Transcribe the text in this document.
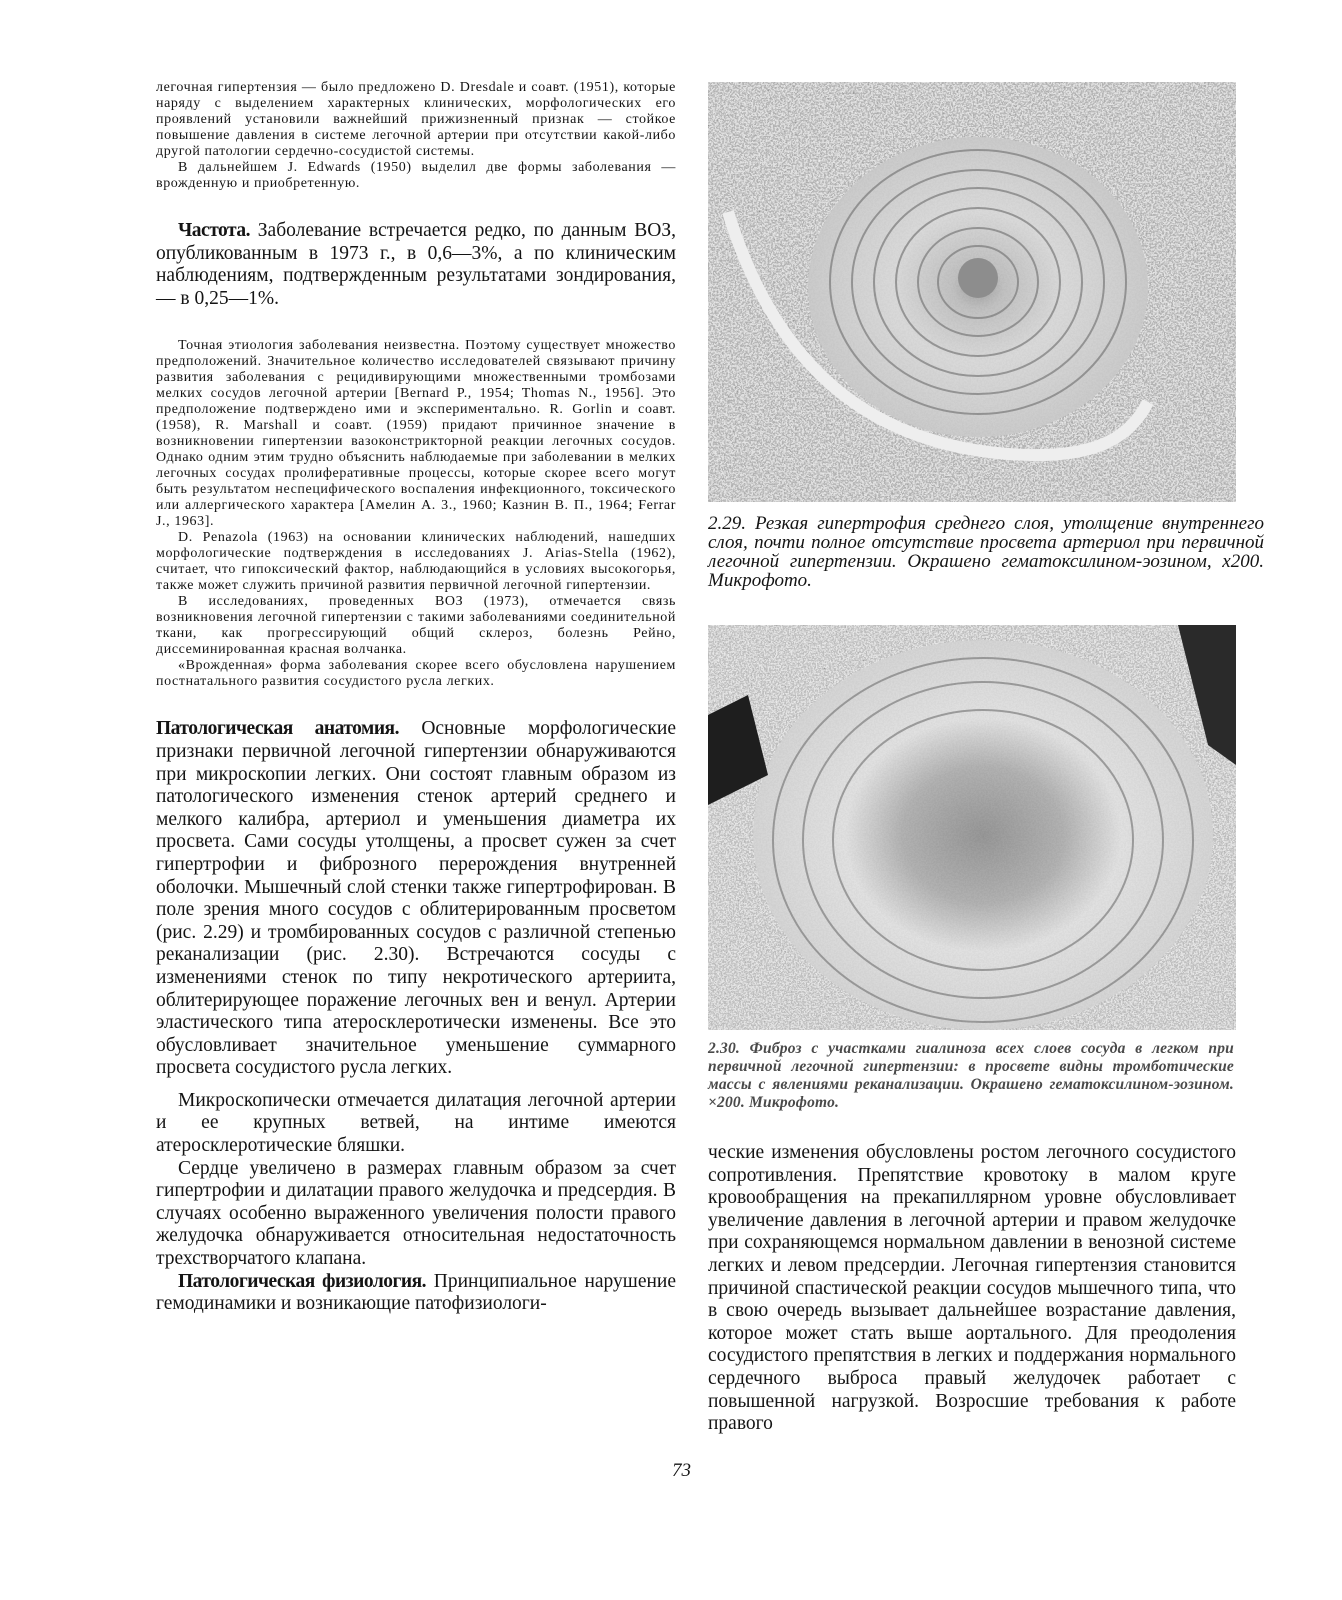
легочная гипертензия — было предложено D. Dresdale и соавт. (1951), которые наряду с выделением характерных клинических, морфологических его проявлений установили важнейший прижизненный признак — стойкое повышение давления в системе легочной артерии при отсутствии какой-либо другой патологии сердечно-сосудистой системы.

В дальнейшем J. Edwards (1950) выделил две формы заболевания — врожденную и приобретенную.

Частота. Заболевание встречается редко, по данным ВОЗ, опубликованным в 1973 г., в 0,6—3%, а по клиническим наблюдениям, подтвержденным результатами зондирования,— в 0,25—1%.

Точная этиология заболевания неизвестна. Поэтому существует множество предположений. Значительное количество исследователей связывают причину развития заболевания с рецидивирующими множественными тромбозами мелких сосудов легочной артерии [Bernard P., 1954; Thomas N., 1956]. Это предположение подтверждено ими и экспериментально. R. Gorlin и соавт. (1958), R. Marshall и соавт. (1959) придают причинное значение в возникновении гипертензии вазоконстрикторной реакции легочных сосудов. Однако одним этим трудно объяснить наблюдаемые при заболевании в мелких легочных сосудах пролиферативные процессы, которые скорее всего могут быть результатом неспецифического воспаления инфекционного, токсического или аллергического характера [Амелин А. 3., 1960; Казнин В. П., 1964; Ferrar J., 1963].

D. Penazola (1963) на основании клинических наблюдений, нашедших морфологические подтверждения в исследованиях J. Arias-Stella (1962), считает, что гипоксический фактор, наблюдающийся в условиях высокогорья, также может служить причиной развития первичной легочной гипертензии.

В исследованиях, проведенных ВОЗ (1973), отмечается связь возникновения легочной гипертензии с такими заболеваниями соединительной ткани, как прогрессирующий общий склероз, болезнь Рейно, диссеминированная красная волчанка.

«Врожденная» форма заболевания скорее всего обусловлена нарушением постнатального развития сосудистого русла легких.

Патологическая анатомия. Основные морфологические признаки первичной легочной гипертензии обнаруживаются при микроскопии легких. Они состоят главным образом из патологического изменения стенок артерий среднего и мелкого калибра, артериол и уменьшения диаметра их просвета. Сами сосуды утолщены, а просвет сужен за счет гипертрофии и фиброзного перерождения внутренней оболочки. Мышечный слой стенки также гипертрофирован. В поле зрения много сосудов с облитерированным просветом (рис. 2.29) и тромбированных сосудов с различной степенью реканализации (рис. 2.30). Встречаются сосуды с изменениями стенок по типу некротического артериита, облитерирующее поражение легочных вен и венул. Артерии эластического типа атеросклеротически изменены. Все это обусловливает значительное уменьшение суммарного просвета сосудистого русла легких.

Микроскопически отмечается дилатация легочной артерии и ее крупных ветвей, на интиме имеются атеросклеротические бляшки.

Сердце увеличено в размерах главным образом за счет гипертрофии и дилатации правого желудочка и предсердия. В случаях особенно выраженного увеличения полости правого желудочка обнаруживается относительная недостаточность трехстворчатого клапана.

Патологическая физиология. Принципиальное нарушение гемодинамики и возникающие патофизиологи-

2.29. Резкая гипертрофия среднего слоя, утолщение внутреннего слоя, почти полное отсутствие просвета артериол при первичной легочной гипертензии. Окрашено гематоксилином-эозином, х200. Микрофото.

2.30. Фиброз с участками гиалиноза всех слоев сосуда в легком при первичной легочной гипертензии: в просвете видны тромботические массы с явлениями реканализации. Окрашено гематоксилином-эозином. ×200. Микрофото.

ческие изменения обусловлены ростом легочного сосудистого сопротивления. Препятствие кровотоку в малом круге кровообращения на прекапиллярном уровне обусловливает увеличение давления в легочной артерии и правом желудочке при сохраняющемся нормальном давлении в венозной системе легких и левом предсердии. Легочная гипертензия становится причиной спастической реакции сосудов мышечного типа, что в свою очередь вызывает дальнейшее возрастание давления, которое может стать выше аортального. Для преодоления сосудистого препятствия в легких и поддержания нормального сердечного выброса правый желудочек работает с повышенной нагрузкой. Возросшие требования к работе правого

73
